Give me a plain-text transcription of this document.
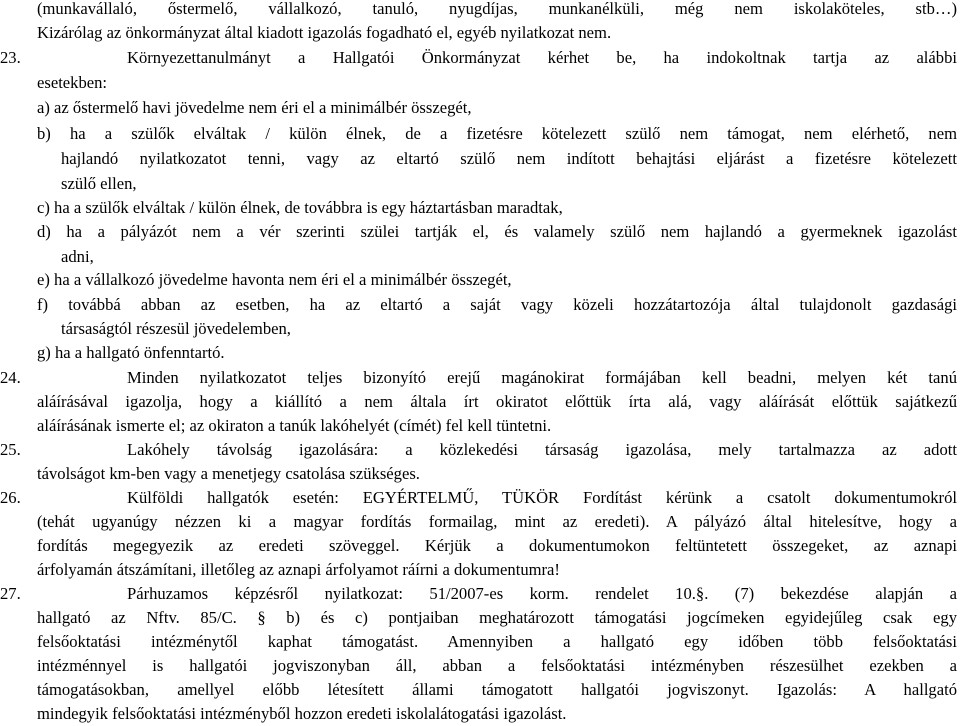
(munkavállaló, őstermelő, vállalkozó, tanuló, nyugdíjas, munkanélküli, még nem iskolaköteles, stb…)
Kizárólag az önkormányzat által kiadott igazolás fogadható el, egyéb nyilatkozat nem.
23.	Környezettanulmányt a Hallgatói Önkormányzat kérhet be, ha indokoltnak tartja az alábbi
esetekben:
a) az őstermelő havi jövedelme nem éri el a minimálbér összegét,
b) ha a szülők elváltak / külön élnek, de a fizetésre kötelezett szülő nem támogat, nem elérhető, nem
hajlandó nyilatkozatot tenni, vagy az eltartó szülő nem indított behajtási eljárást a fizetésre kötelezett
szülő ellen,
c) ha a szülők elváltak / külön élnek, de továbbra is egy háztartásban maradtak,
d) ha a pályázót nem a vér szerinti szülei tartják el, és valamely szülő nem hajlandó a gyermeknek igazolást
adni,
e) ha a vállalkozó jövedelme havonta nem éri el a minimálbér összegét,
f) továbbá abban az esetben, ha az eltartó a saját vagy közeli hozzátartozója által tulajdonolt gazdasági
társaságtól részesül jövedelemben,
g) ha a hallgató önfenntartó.
24.	Minden nyilatkozatot teljes bizonyító erejű magánokirat formájában kell beadni, melyen két tanú
aláírásával igazolja, hogy a kiállító a nem általa írt okiratot előttük írta alá, vagy aláírását előttük sajátkezű
aláírásának ismerte el; az okiraton a tanúk lakóhelyét (címét) fel kell tüntetni.
25.	Lakóhely távolság igazolására: a közlekedési társaság igazolása, mely tartalmazza az adott
távolságot km-ben vagy a menetjegy csatolása szükséges.
26.	Külföldi hallgatók esetén: EGYÉRTELMŰ, TÜKÖR Fordítást kérünk a csatolt dokumentumokról
(tehát ugyanúgy nézzen ki a magyar fordítás formailag, mint az eredeti). A pályázó által hitelesítve, hogy a
fordítás megegyezik az eredeti szöveggel. Kérjük a dokumentumokon feltüntetett összegeket, az aznapi
árfolyamán átszámítani, illetőleg az aznapi árfolyamot ráírni a dokumentumra!
27.	Párhuzamos képzésről nyilatkozat: 51/2007-es korm. rendelet 10.§. (7) bekezdése alapján a
hallgató az Nftv. 85/C. § b) és c) pontjaiban meghatározott támogatási jogcímeken egyidejűleg csak egy
felsőoktatási intézménytől kaphat támogatást. Amennyiben a hallgató egy időben több felsőoktatási
intézménnyel is hallgatói jogviszonyban áll, abban a felsőoktatási intézményben részesülhet ezekben a
támogatásokban, amellyel előbb létesített állami támogatott hallgatói jogviszonyt. Igazolás: A hallgató
mindegyik felsőoktatási intézményből hozzon eredeti iskolalátogatási igazolást.
